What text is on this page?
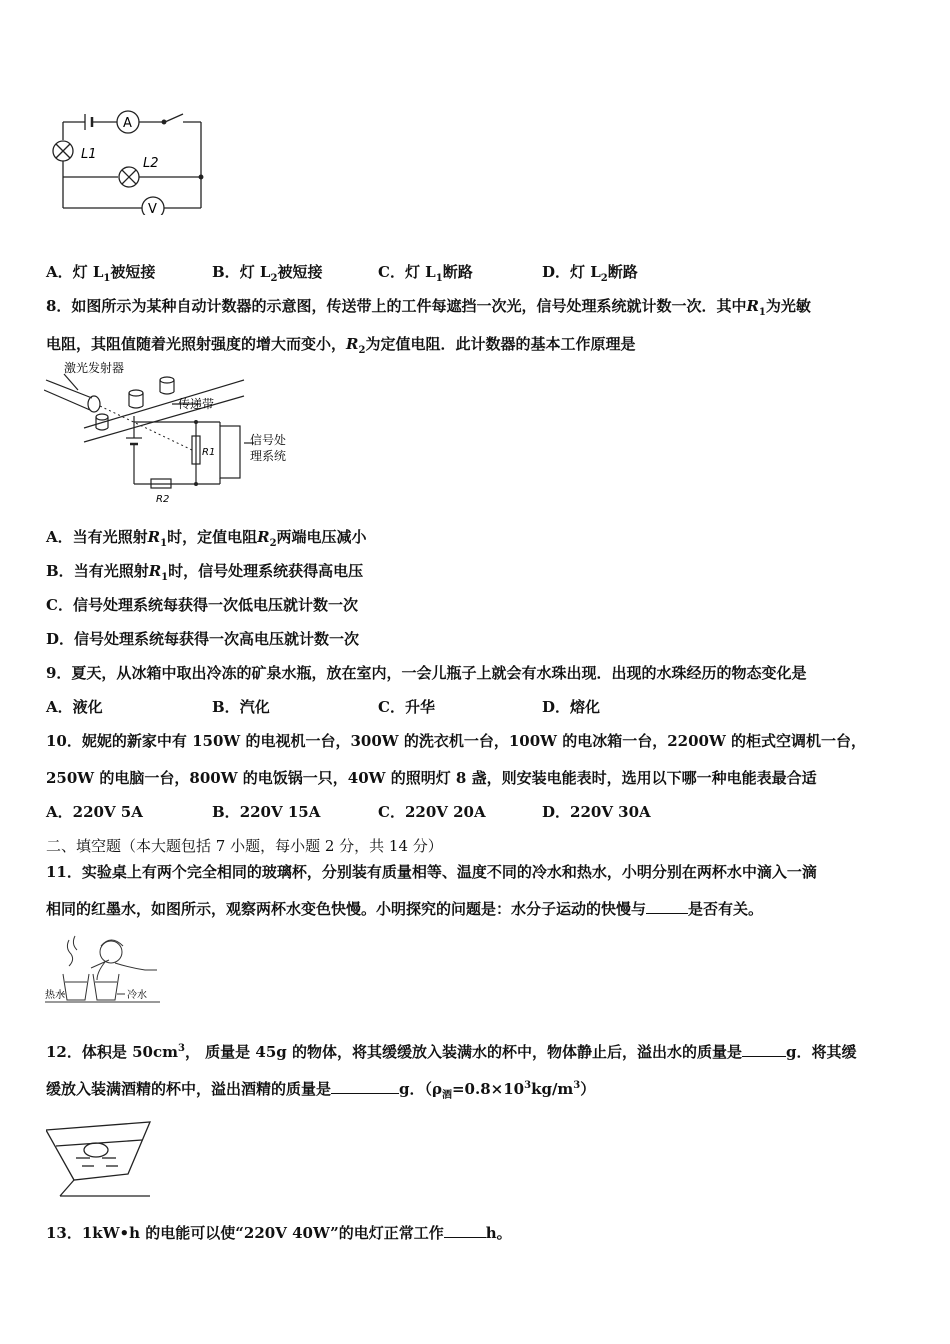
A
V
L1
L2
A．灯 $L_1$被短接	B．灯 $L_2$被短接	C．灯 $L_1$断路	D．灯 $L_2$断路
8．如图所示为某种自动计数器的示意图，传送带上的工件每遮挡一次光，信号处理系统就计数一次．其中$R_1$为光敏
电阻，其阻值随着光照射强度的增大而变小，$R_2$为定值电阻．此计数器的基本工作原理是
激光发射器
传递带
信号处
理系统
R1
R2
A．当有光照射$R_1$时，定值电阻$R_2$两端电压减小
B．当有光照射$R_1$时，信号处理系统获得高电压
C．信号处理系统每获得一次低电压就计数一次
D．信号处理系统每获得一次高电压就计数一次
9．夏天，从冰箱中取出冷冻的矿泉水瓶，放在室内，一会儿瓶子上就会有水珠出现．出现的水珠经历的物态变化是
A．液化	B．汽化	C．升华	D．熔化
10．妮妮的新家中有 150W 的电视机一台，300W 的洗衣机一台，100W 的电冰箱一台，2200W 的柜式空调机一台，
250W 的电脑一台，800W 的电饭锅一只，40W 的照明灯 8 盏，则安装电能表时，选用以下哪一种电能表最合适
A．220V 5A	B．220V 15A	C．220V 20A	D．220V 30A
二、填空题（本大题包括 7 小题，每小题 2 分，共 14 分）
11．实验桌上有两个完全相同的玻璃杯，分别装有质量相等、温度不同的冷水和热水，小明分别在两杯水中滴入一滴
相同的红墨水，如图所示，观察两杯水变色快慢。小明探究的问题是：水分子运动的快慢与	是否有关。
热水	冷水
12．体积是 $50cm^3$， 质量是 45g 的物体，将其缓缓放入装满水的杯中，物体静止后，溢出水的质量是	g．将其缓
缓放入装满酒精的杯中，溢出酒精的质量是	g．$(\rho_酒=0.8\times 10^3kg/m^3)$
13．1kW•h 的电能可以使“220V 40W”的电灯正常工作	h。
